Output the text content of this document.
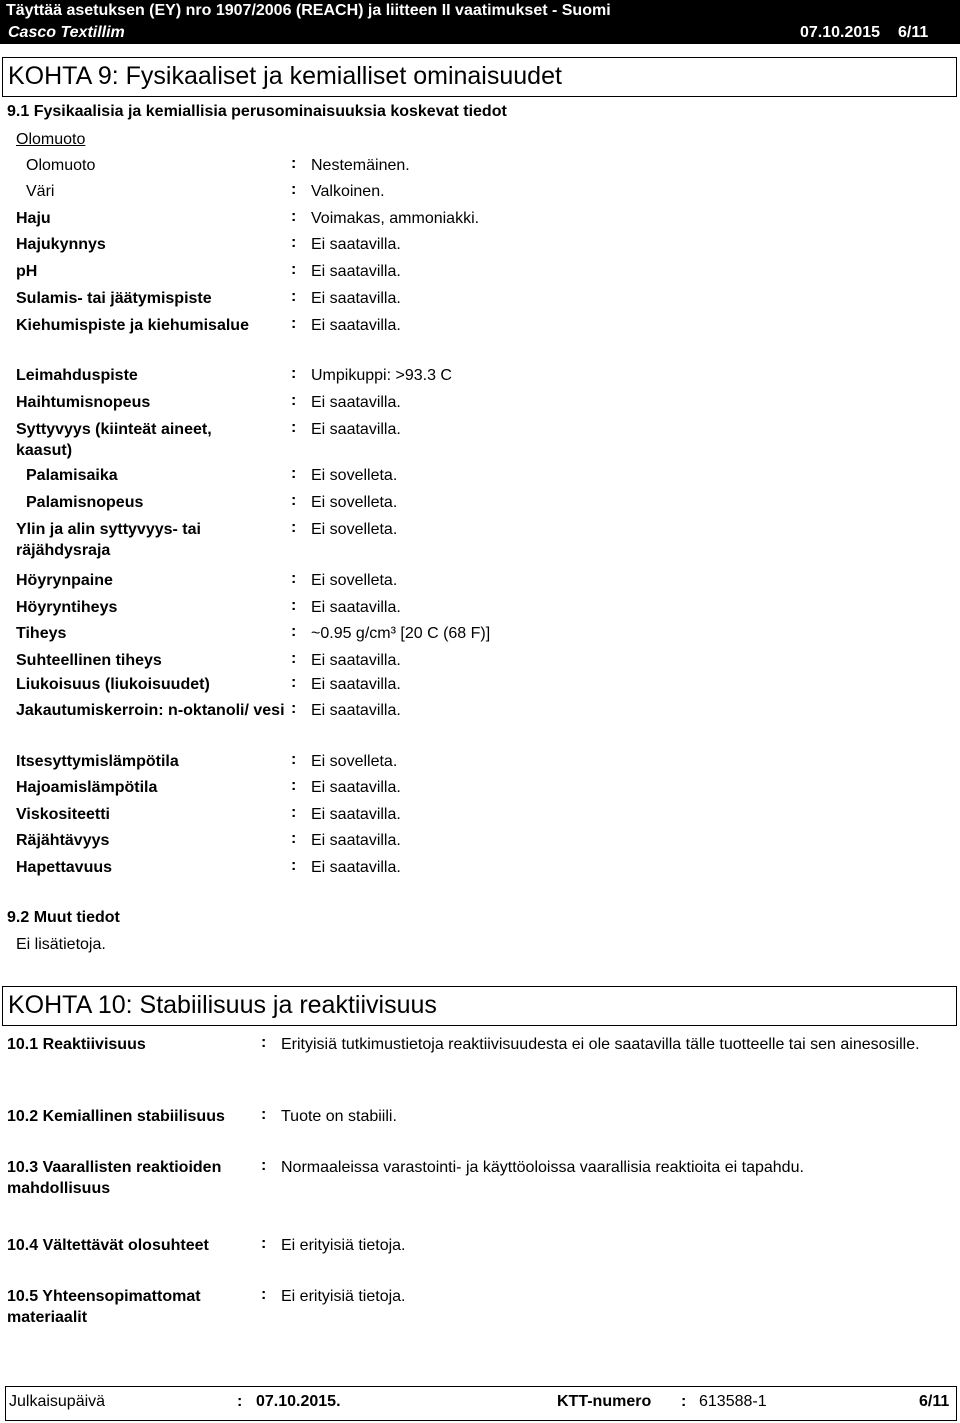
Täyttää asetuksen (EY) nro 1907/2006 (REACH) ja liitteen II vaatimukset - Suomi
Casco Textillim	07.10.2015 6/11
KOHTA 9: Fysikaaliset ja kemialliset ominaisuudet
9.1 Fysikaalisia ja kemiallisia perusominaisuuksia koskevat tiedot
Olomuoto
Olomuoto	: Nestemäinen.
Väri	: Valkoinen.
Haju	: Voimakas, ammoniakki.
Hajukynnys	: Ei saatavilla.
pH	: Ei saatavilla.
Sulamis- tai jäätymispiste	: Ei saatavilla.
Kiehumispiste ja kiehumisalue	: Ei saatavilla.
Leimahduspiste	: Umpikuppi: >93.3 C
Haihtumisnopeus	: Ei saatavilla.
Syttyvyys (kiinteät aineet, kaasut)
: Ei saatavilla.
Palamisaika	: Ei sovelleta.
Palamisnopeus	: Ei sovelleta.
Ylin ja alin syttyvyys- tai räjähdysraja
: Ei sovelleta.
Höyrynpaine	: Ei sovelleta.
Höyryntiheys	: Ei saatavilla.
Tiheys	: ~0.95 g/cm³ [20 C (68 F)]
Suhteellinen tiheys	: Ei saatavilla.
Liukoisuus (liukoisuudet)	: Ei saatavilla.
Jakautumiskerroin: n-oktanoli/ vesi : Ei saatavilla.
Itsesyttymislämpötila	: Ei sovelleta.
Hajoamislämpötila	: Ei saatavilla.
Viskositeetti	: Ei saatavilla.
Räjähtävyys	: Ei saatavilla.
Hapettavuus	: Ei saatavilla.
9.2 Muut tiedot
Ei lisätietoja.
KOHTA 10: Stabiilisuus ja reaktiivisuus
10.1 Reaktiivisuus	: Erityisiä tutkimustietoja reaktiivisuudesta ei ole saatavilla tälle tuotteelle tai sen ainesosille.
10.2 Kemiallinen stabiilisuus : Tuote on stabiili.
10.3 Vaarallisten reaktioiden mahdollisuus
: Normaaleissa varastointi- ja käyttöoloissa vaarallisia reaktioita ei tapahdu.
10.4 Vältettävät olosuhteet	: Ei erityisiä tietoja.
10.5 Yhteensopimattomat materiaalit
: Ei erityisiä tietoja.
Julkaisupäivä	: 07.10.2015.	KTT-numero : 613588-1	6/11
